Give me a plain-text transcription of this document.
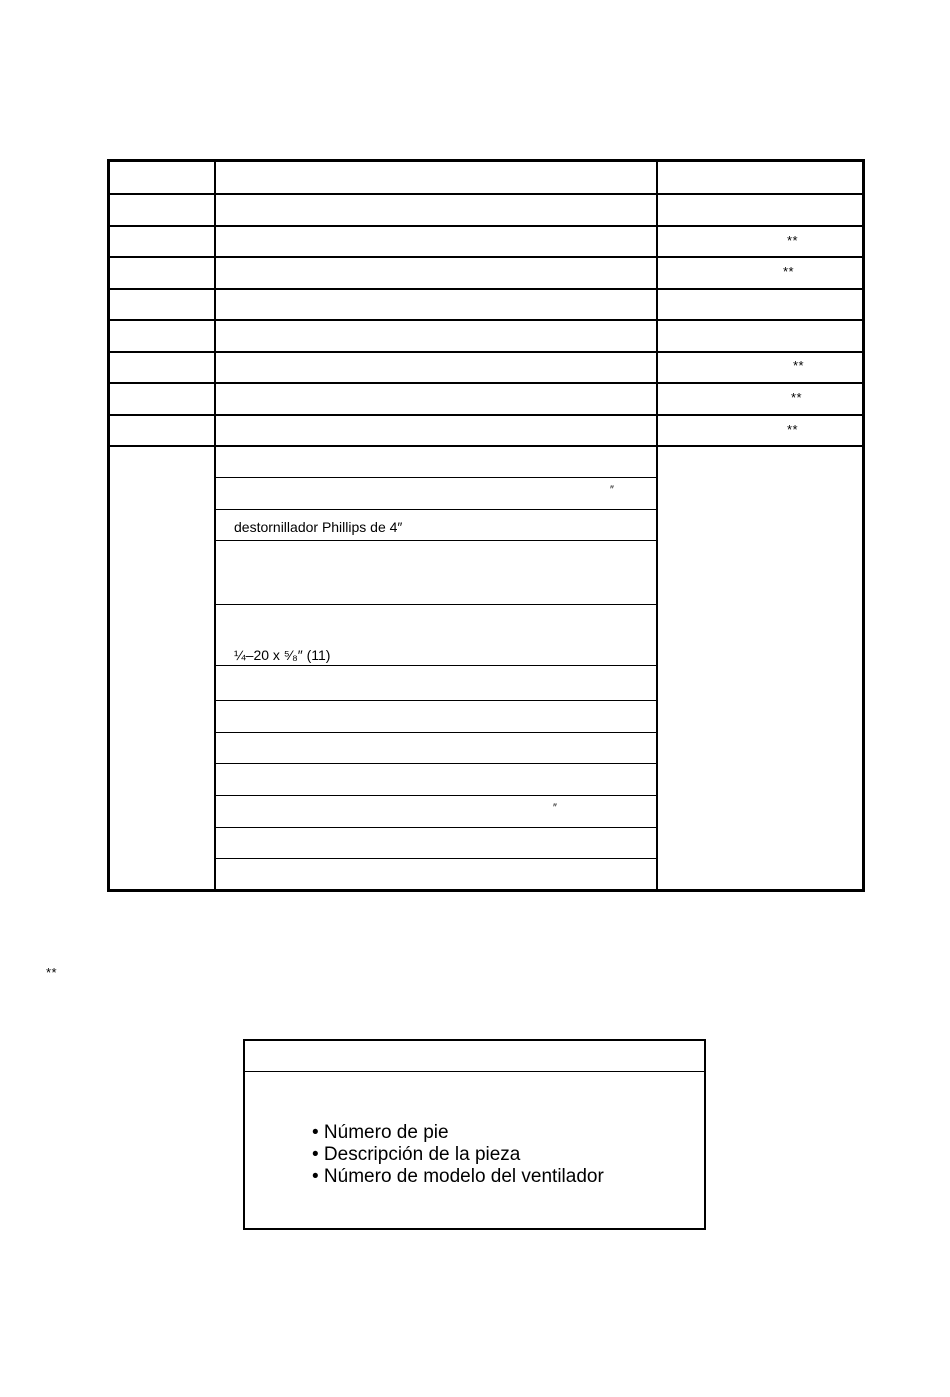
**
**
**
**
**
″
destornillador Phillips de 4″
¼–20 x ⁵⁄₈″ (11)
″
**
• Número de pie
• Descripción de la pieza
• Número de modelo del ventilador
